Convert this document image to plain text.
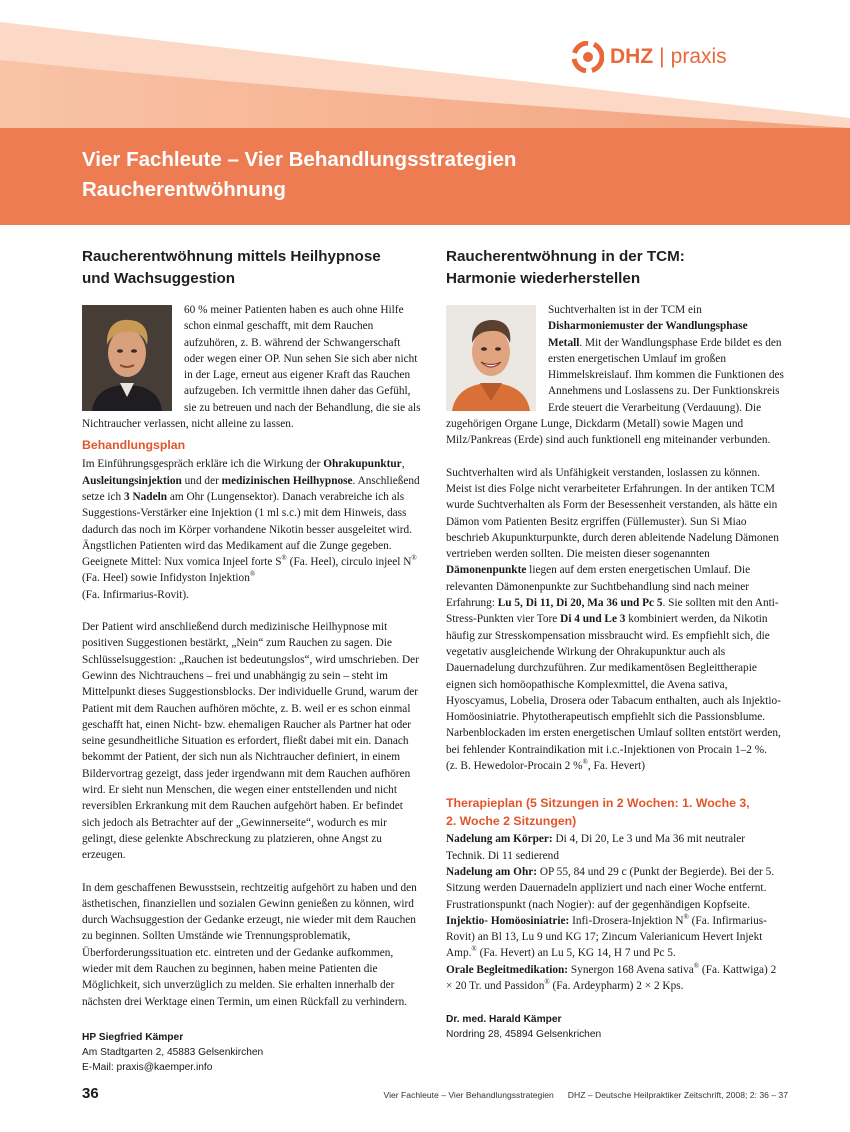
DHZ | praxis
Vier Fachleute – Vier Behandlungsstrategien
Raucherentwöhnung
Raucherentwöhnung mittels Heilhypnose
und Wachsuggestion

60 % meiner Patienten haben es auch ohne Hilfe schon einmal geschafft, mit dem Rauchen aufzuhören, z. B. während der Schwangerschaft oder wegen einer OP. Nun sehen Sie sich aber nicht in der Lage, erneut aus eigener Kraft das Rauchen aufzugeben. Ich vermittle ihnen daher das Gefühl, sie zu betreuen und nach der Behandlung, die sie als Nichtraucher verlassen, nicht alleine zu lassen.

Behandlungsplan

Im Einführungsgespräch erkläre ich die Wirkung der Ohrakupunktur, Ausleitungsinjektion und der medizinischen Heilhypnose. Anschließend setze ich 3 Nadeln am Ohr (Lungensektor). Danach verabreiche ich als Suggestions-Verstärker eine Injektion (1 ml s.c.) mit dem Hinweis, dass dadurch das noch im Körper vorhandene Nikotin besser ausgeleitet wird. Ängstlichen Patienten wird das Medikament auf die Zunge gegeben. Geeignete Mittel: Nux vomica Injeel forte S® (Fa. Heel), circulo injeel N® (Fa. Heel) sowie Infidyston Injektion®
(Fa. Infirmarius-Rovit).

Der Patient wird anschließend durch medizinische Heilhypnose mit positiven Suggestionen bestärkt, „Nein“ zum Rauchen zu sagen. Die Schlüsselsuggestion: „Rauchen ist bedeutungslos“, wird umschrieben. Der Gewinn des Nichtrauchens – frei und unabhängig zu sein – steht im Mittelpunkt dieses Suggestionsblocks. Der individuelle Grund, warum der Patient mit dem Rauchen aufhören möchte, z. B. weil er es schon einmal geschafft hat, einen Nicht- bzw. ehemaligen Raucher als Partner hat oder seine gesundheitliche Situation es erfordert, fließt dabei mit ein. Danach bekommt der Patient, der sich nun als Nichtraucher definiert, in einem Bildervortrag gezeigt, dass jeder irgendwann mit dem Rauchen aufhören wird. Er sieht nun Menschen, die wegen einer entstellenden und nicht reversiblen Erkrankung mit dem Rauchen aufgehört haben. Er befindet sich jedoch als Betrachter auf der „Gewinnerseite“, wodurch es mir gelingt, diese gelenkte Abschreckung zu platzieren, ohne Angst zu erzeugen.

In dem geschaffenen Bewusstsein, rechtzeitig aufgehört zu haben und den ästhetischen, finanziellen und sozialen Gewinn genießen zu können, wird durch Wachsuggestion der Gedanke erzeugt, nie wieder mit dem Rauchen zu beginnen. Sollten Umstände wie Trennungsproblematik, Überforderungssituation etc. eintreten und der Gedanke aufkommen, wieder mit dem Rauchen zu beginnen, haben meine Patienten die Möglichkeit, sich unverzüglich zu melden. Sie erhalten innerhalb der nächsten drei Werktage einen Termin, um einen Rückfall zu verhindern.

HP Siegfried Kämper
Am Stadtgarten 2, 45883 Gelsenkirchen
E-Mail: praxis@kaemper.info
Raucherentwöhnung in der TCM:
Harmonie wiederherstellen

Suchtverhalten ist in der TCM ein Disharmoniemuster der Wandlungsphase Metall. Mit der Wandlungsphase Erde bildet es den ersten energetischen Umlauf im großen Himmelskreislauf. Ihm kommen die Funktionen des Annehmens und Loslassens zu. Der Funktionskreis Erde steuert die Verarbeitung (Verdauung). Die zugehörigen Organe Lunge, Dickdarm (Metall) sowie Magen und Milz/Pankreas (Erde) sind auch funktionell eng miteinander verbunden.

Suchtverhalten wird als Unfähigkeit verstanden, loslassen zu können. Meist ist dies Folge nicht verarbeiteter Erfahrungen. In der antiken TCM wurde Suchtverhalten als Form der Besessenheit verstanden, als hätte ein Dämon vom Patienten Besitz ergriffen (Füllemuster). Sun Si Miao beschrieb Akupunkturpunkte, durch deren ableitende Nadelung Dämonen vertrieben werden sollten. Die meisten dieser sogenannten Dämonenpunkte liegen auf dem ersten energetischen Umlauf. Die relevanten Dämonenpunkte zur Suchtbehandlung sind nach meiner Erfahrung: Lu 5, Di 11, Di 20, Ma 36 und Pc 5. Sie sollten mit den Anti-Stress-Punkten vier Tore Di 4 und Le 3 kombiniert werden, da Nikotin häufig zur Stresskompensation missbraucht wird. Es empfiehlt sich, die vegetativ ausgleichende Wirkung der Ohrakupunktur auch als Dauernadelung durchzuführen. Zur medikamentösen Begleittherapie eignen sich homöopathische Komplexmittel, die Avena sativa, Hyoscyamus, Lobelia, Drosera oder Tabacum enthalten, auch als Injektio-Homöosiniatrie. Phytotherapeutisch empfiehlt sich die Passionsblume. Narbenblockaden im ersten energetischen Umlauf sollten entstört werden, bei fehlender Kontraindikation mit i.c.-Injektionen von Procain 1–2 %.
(z. B. Hewedolor-Procain 2 %®, Fa. Hevert)

Therapieplan (5 Sitzungen in 2 Wochen: 1. Woche 3,
2. Woche 2 Sitzungen)

Nadelung am Körper: Di 4, Di 20, Le 3 und Ma 36 mit neutraler Technik. Di 11 sedierend
Nadelung am Ohr: OP 55, 84 und 29 c (Punkt der Begierde). Bei der 5. Sitzung werden Dauernadeln appliziert und nach einer Woche entfernt. Frustrationspunkt (nach Nogier): auf der gegenhändigen Kopfseite.
Injektio- Homöosiniatrie: Infi-Drosera-Injektion N® (Fa. Infirmarius-Rovit) an Bl 13, Lu 9 und KG 17; Zincum Valerianicum Hevert Injekt Amp.® (Fa. Hevert) an Lu 5, KG 14, H 7 und Pc 5.
Orale Begleitmedikation: Synergon 168 Avena sativa® (Fa. Kattwiga) 2 × 20 Tr. und Passidon® (Fa. Ardeypharm) 2 × 2 Kps.

Dr. med. Harald Kämper
Nordring 28, 45894 Gelsenkrichen
36	Vier Fachleute – Vier Behandlungsstrategien DHZ – Deutsche Heilpraktiker Zeitschrift, 2008; 2: 36 – 37
